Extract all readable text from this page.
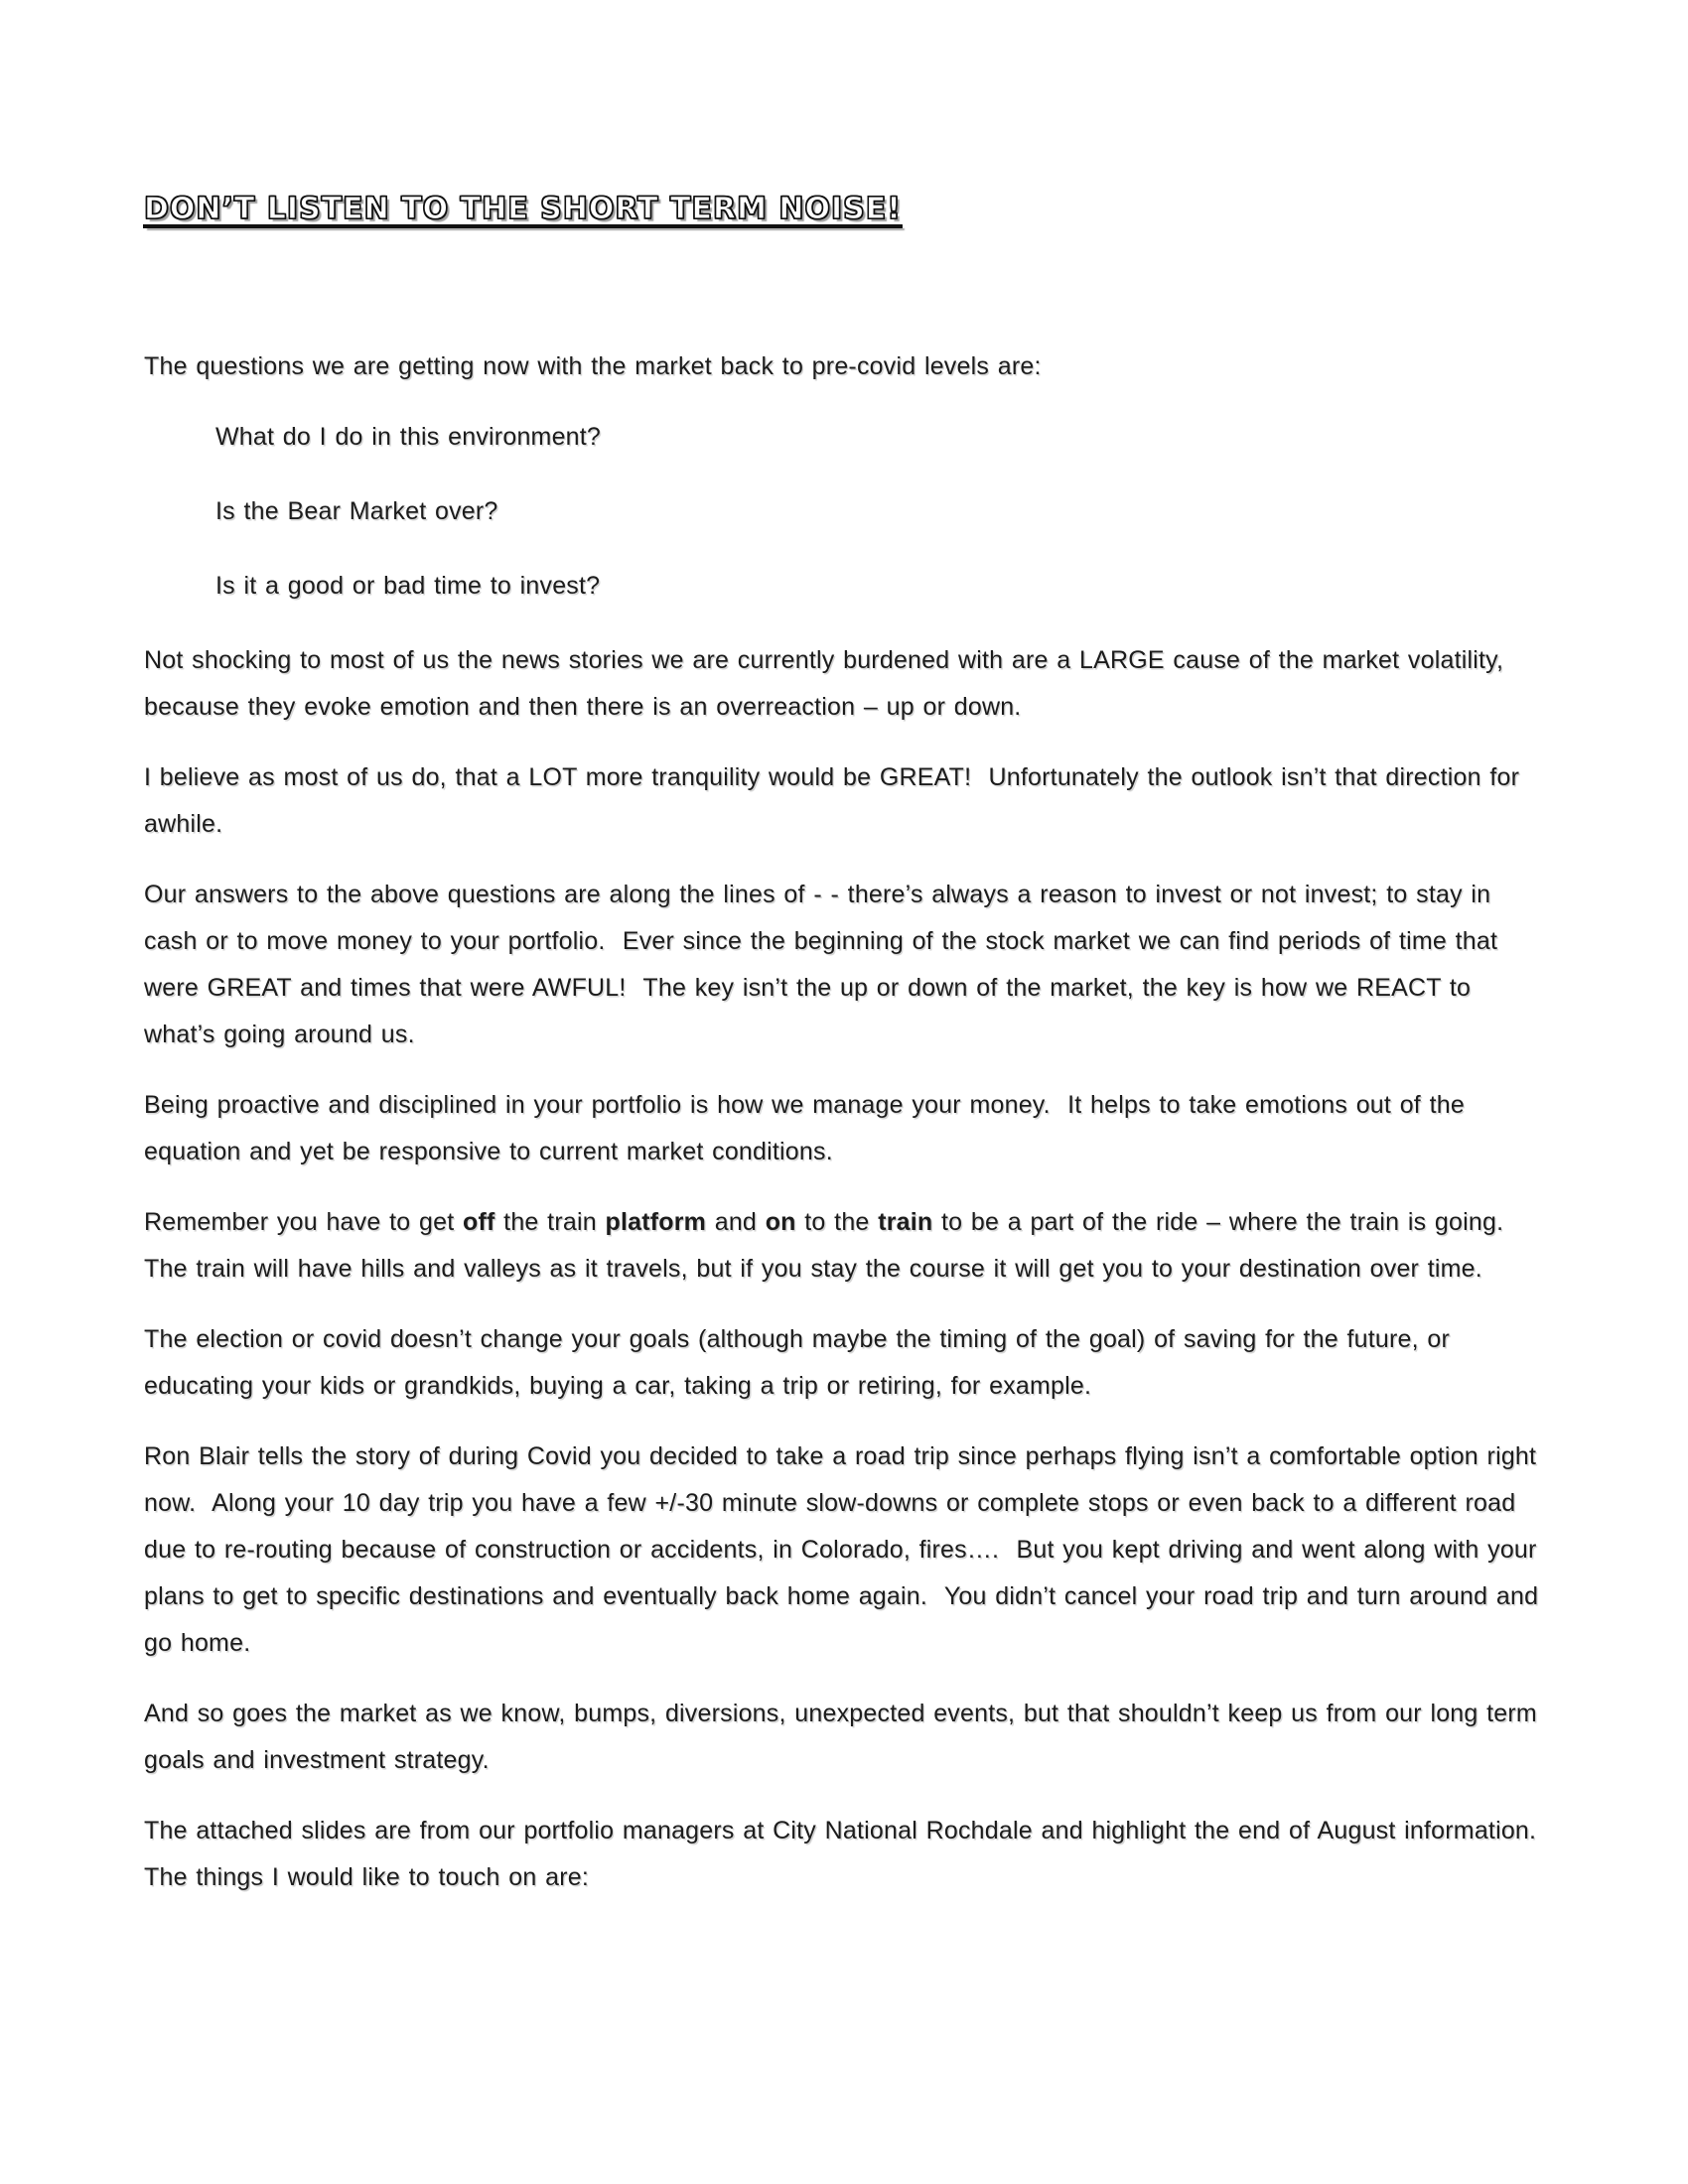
DON’T LISTEN TO THE SHORT TERM NOISE!

The questions we are getting now with the market back to pre-covid levels are:

What do I do in this environment?

Is the Bear Market over?

Is it a good or bad time to invest?

Not shocking to most of us the news stories we are currently burdened with are a LARGE cause of the market volatility, because they evoke emotion and then there is an overreaction – up or down.

I believe as most of us do, that a LOT more tranquility would be GREAT!  Unfortunately the outlook isn’t that direction for awhile.

Our answers to the above questions are along the lines of - - there’s always a reason to invest or not invest; to stay in cash or to move money to your portfolio.  Ever since the beginning of the stock market we can find periods of time that were GREAT and times that were AWFUL!  The key isn’t the up or down of the market, the key is how we REACT to what’s going around us.

Being proactive and disciplined in your portfolio is how we manage your money.  It helps to take emotions out of the equation and yet be responsive to current market conditions.

Remember you have to get off the train platform and on to the train to be a part of the ride – where the train is going.  The train will have hills and valleys as it travels, but if you stay the course it will get you to your destination over time.

The election or covid doesn’t change your goals (although maybe the timing of the goal) of saving for the future, or educating your kids or grandkids, buying a car, taking a trip or retiring, for example.

Ron Blair tells the story of during Covid you decided to take a road trip since perhaps flying isn’t a comfortable option right now.  Along your 10 day trip you have a few +/-30 minute slow-downs or complete stops or even back to a different road due to re-routing because of construction or accidents, in Colorado, fires….  But you kept driving and went along with your plans to get to specific destinations and eventually back home again.  You didn’t cancel your road trip and turn around and go home.

And so goes the market as we know, bumps, diversions, unexpected events, but that shouldn’t keep us from our long term goals and investment strategy.

The attached slides are from our portfolio managers at City National Rochdale and highlight the end of August information.  The things I would like to touch on are:
